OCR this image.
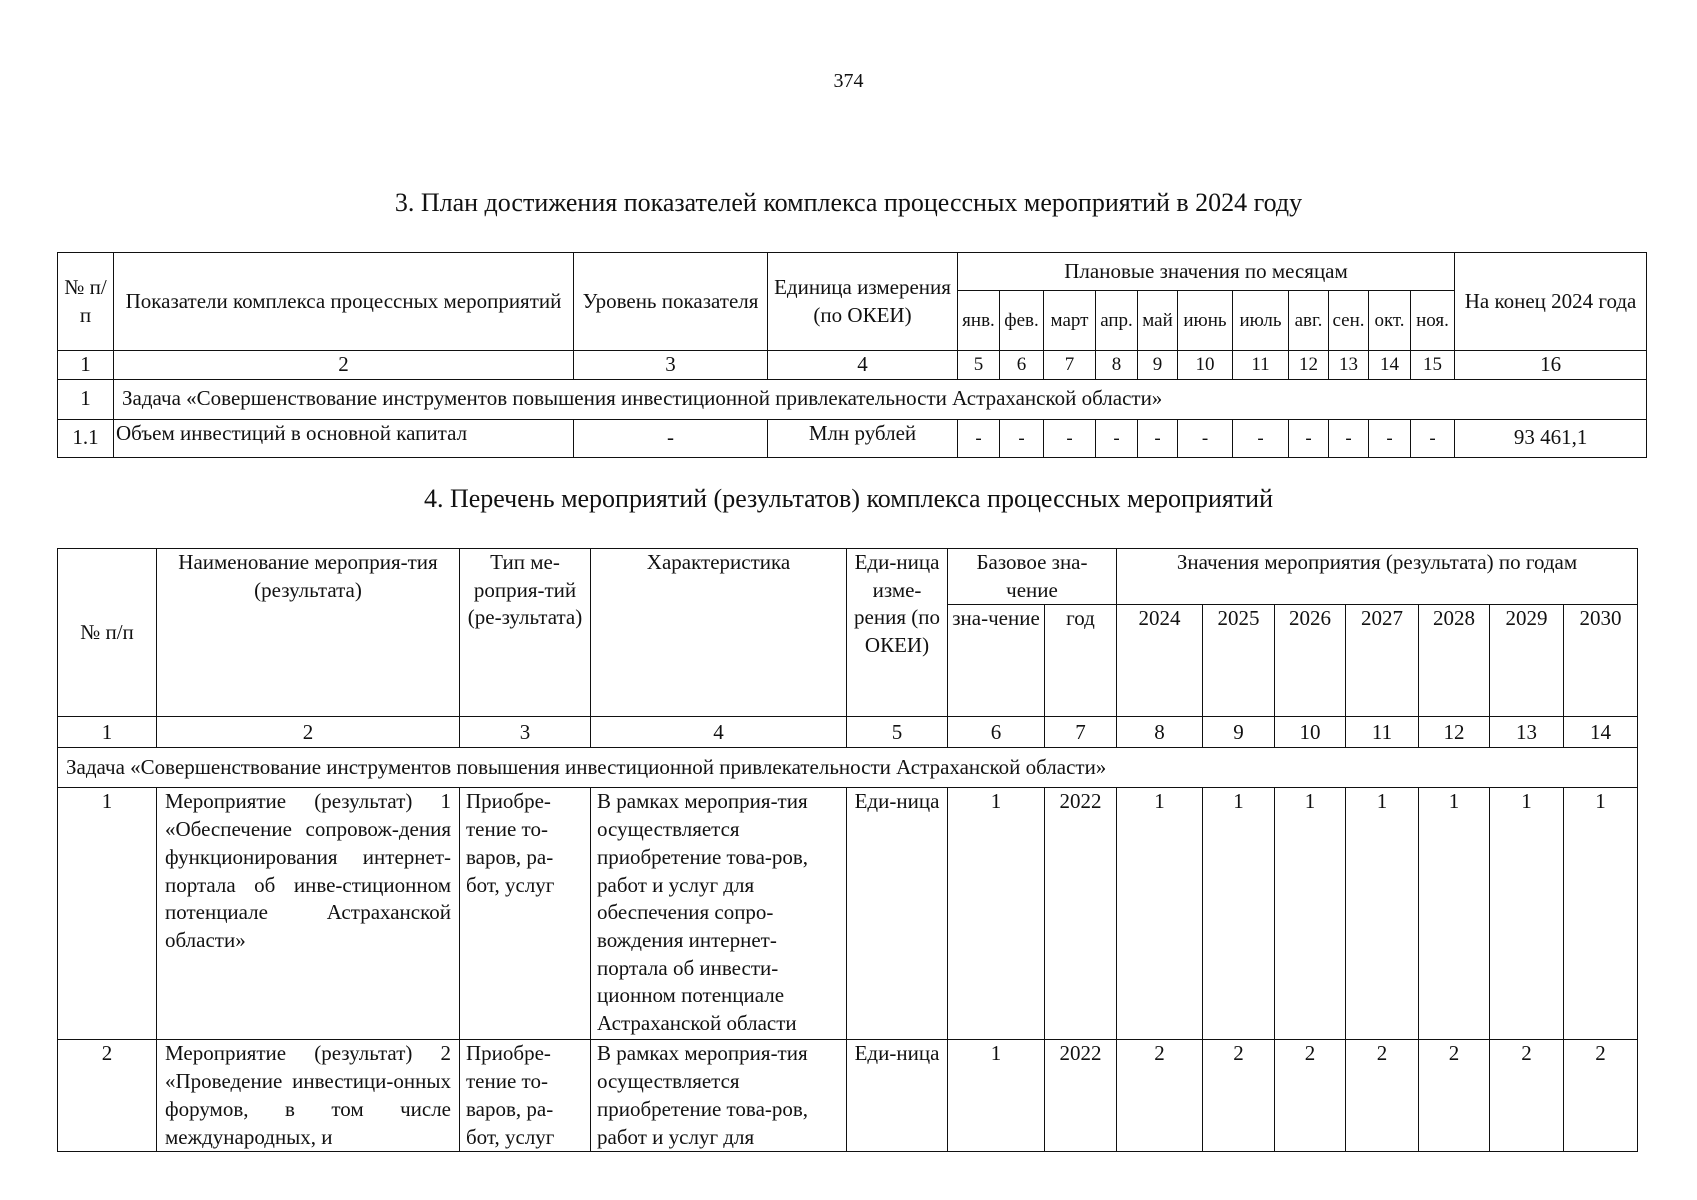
374
3. План достижения показателей комплекса процессных мероприятий в 2024 году
№ п/п	Показатели комплекса процессных мероприятий	Уровень показателя	Единица измерения (по ОКЕИ)	Плановые значения по месяцам											На конец 2024 года
				янв.	фев.	март	апр.	май	июнь	июль	авг.	сен.	окт.	ноя.	
1	2	3	4	5	6	7	8	9	10	11	12	13	14	15	16
1	Задача «Совершенствование инструментов повышения инвестиционной привлекательности Астраханской области»														
1.1	Объем инвестиций в основной капитал	-	Млн рублей	-	-	-	-	-	-	-	-	-	-	-	93 461,1
4. Перечень мероприятий (результатов) комплекса процессных мероприятий
№ п/п	Наименование мероприя-тия (результата)	Тип ме-роприя-тий (ре-зультата)	Характеристика	Еди-ница изме-рения (по ОКЕИ)	Базовое зна-чение		Значения мероприятия (результата) по годам						
					зна-чение	год	2024	2025	2026	2027	2028	2029	2030
1	2	3	4	5	6	7	8	9	10	11	12	13	14
Задача «Совершенствование инструментов повышения инвестиционной привлекательности Астраханской области»													
1	Мероприятие (результат) 1 «Обеспечение сопровож-дения функционирования интернет-портала об инве-стиционном потенциале Астраханской области»	Приобре-тение то-варов, ра-бот, услуг	В рамках мероприя-тия осуществляется приобретение това-ров, работ и услуг для обеспечения сопро-вождения интернет-портала об инвести-ционном потенциале Астраханской области	Еди-ница	1	2022	1	1	1	1	1	1	1
2	Мероприятие (результат) 2 «Проведение инвестици-онных форумов, в том числе международных, и	Приобре-тение то-варов, ра-бот, услуг	В рамках мероприя-тия осуществляется приобретение това-ров, работ и услуг для	Еди-ница	1	2022	2	2	2	2	2	2	2
